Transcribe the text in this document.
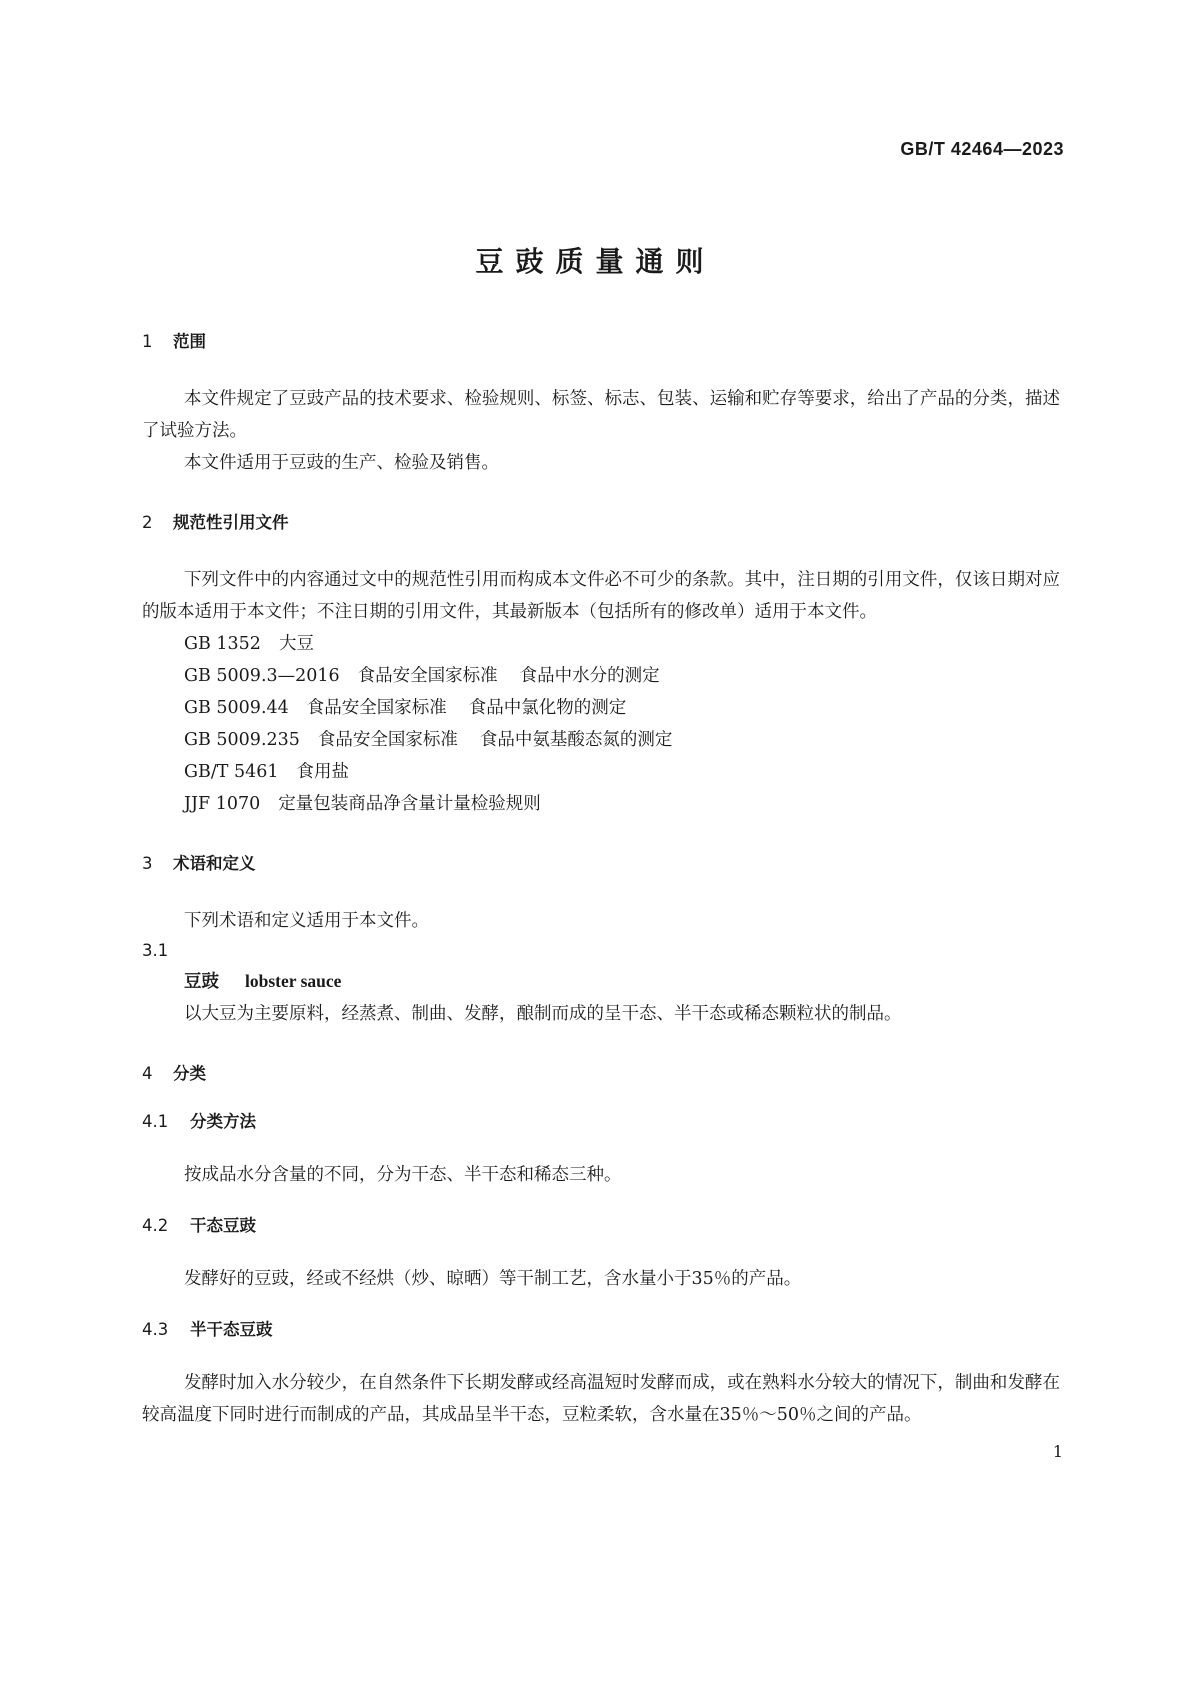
GB/T 42464—2023
豆豉质量通则
1 范围

本文件规定了豆豉产品的技术要求、检验规则、标签、标志、包装、运输和贮存等要求，给出了产品的分类，描述了试验方法。

本文件适用于豆豉的生产、检验及销售。

2 规范性引用文件

下列文件中的内容通过文中的规范性引用而构成本文件必不可少的条款。其中，注日期的引用文件，仅该日期对应的版本适用于本文件；不注日期的引用文件，其最新版本（包括所有的修改单）适用于本文件。

GB 1352 大豆

GB 5009.3—2016 食品安全国家标准 食品中水分的测定

GB 5009.44 食品安全国家标准 食品中氯化物的测定

GB 5009.235 食品安全国家标准 食品中氨基酸态氮的测定

GB/T 5461 食用盐

JJF 1070 定量包装商品净含量计量检验规则

3 术语和定义

下列术语和定义适用于本文件。

3.1

豆豉 lobster sauce

以大豆为主要原料，经蒸煮、制曲、发酵，酿制而成的呈干态、半干态或稀态颗粒状的制品。

4 分类
4.1 分类方法

按成品水分含量的不同，分为干态、半干态和稀态三种。

4.2 干态豆豉

发酵好的豆豉，经或不经烘（炒、晾晒）等干制工艺，含水量小于35％的产品。

4.3 半干态豆豉

发酵时加入水分较少，在自然条件下长期发酵或经高温短时发酵而成，或在熟料水分较大的情况下，制曲和发酵在较高温度下同时进行而制成的产品，其成品呈半干态，豆粒柔软，含水量在35％～50％之间的产品。

1
